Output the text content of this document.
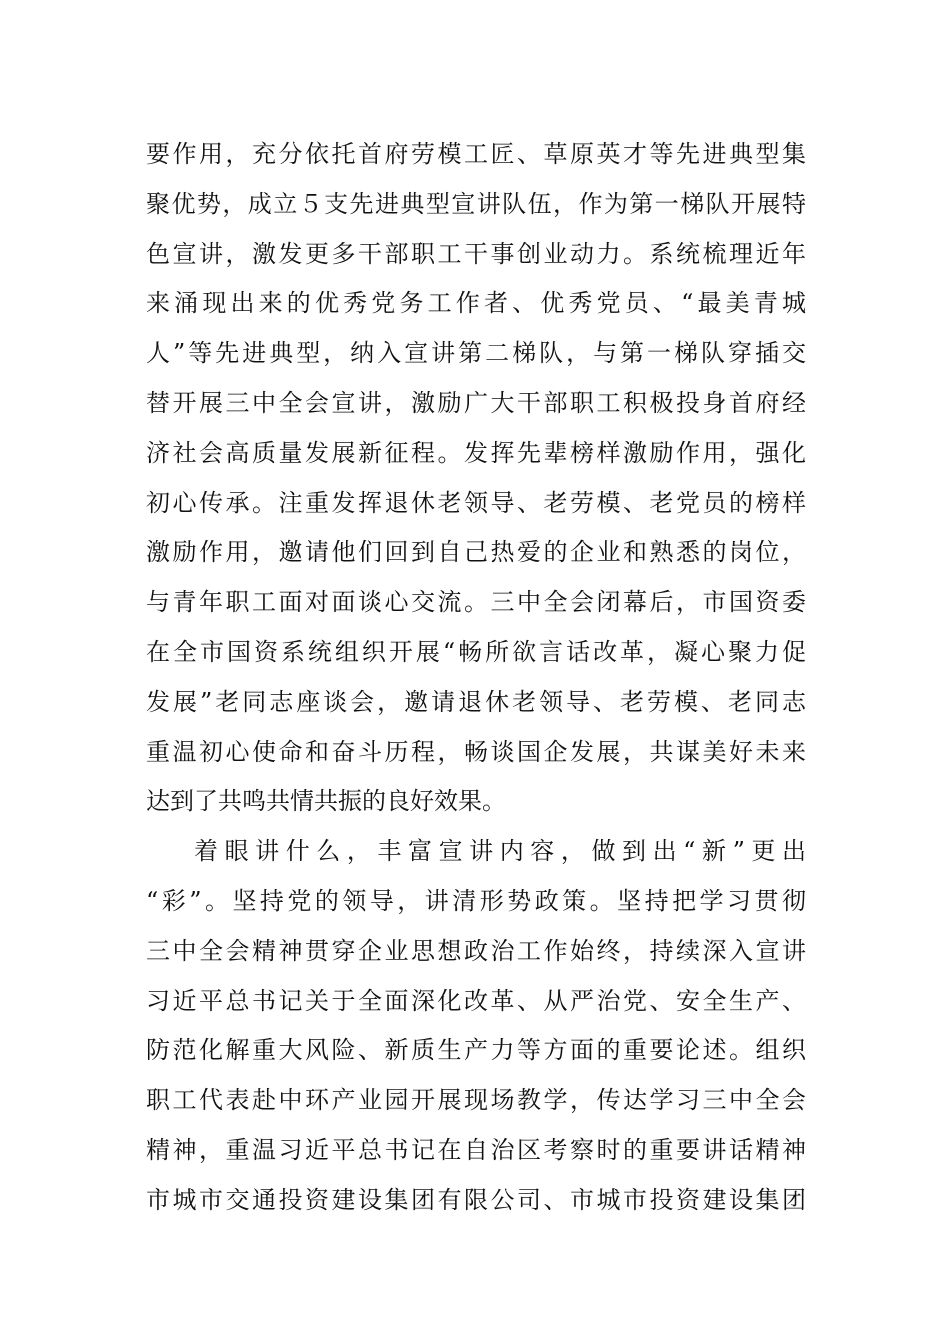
要作用，充分依托首府劳模工匠、草原英才等先进典型集
聚优势，成立５支先进典型宣讲队伍，作为第一梯队开展特
色宣讲，激发更多干部职工干事创业动力。系统梳理近年
来涌现出来的优秀党务工作者、优秀党员、“最美青城
人”等先进典型，纳入宣讲第二梯队，与第一梯队穿插交
替开展三中全会宣讲，激励广大干部职工积极投身首府经
济社会高质量发展新征程。发挥先辈榜样激励作用，强化
初心传承。注重发挥退休老领导、老劳模、老党员的榜样
激励作用，邀请他们回到自己热爱的企业和熟悉的岗位，
与青年职工面对面谈心交流。三中全会闭幕后，市国资委
在全市国资系统组织开展“畅所欲言话改革，凝心聚力促
发展”老同志座谈会，邀请退休老领导、老劳模、老同志
重温初心使命和奋斗历程，畅谈国企发展，共谋美好未来
达到了共鸣共情共振的良好效果。
着眼讲什么，丰富宣讲内容，做到出“新”更出
“彩”。坚持党的领导，讲清形势政策。坚持把学习贯彻
三中全会精神贯穿企业思想政治工作始终，持续深入宣讲
习近平总书记关于全面深化改革、从严治党、安全生产、
防范化解重大风险、新质生产力等方面的重要论述。组织
职工代表赴中环产业园开展现场教学，传达学习三中全会
精神，重温习近平总书记在自治区考察时的重要讲话精神
市城市交通投资建设集团有限公司、市城市投资建设集团
